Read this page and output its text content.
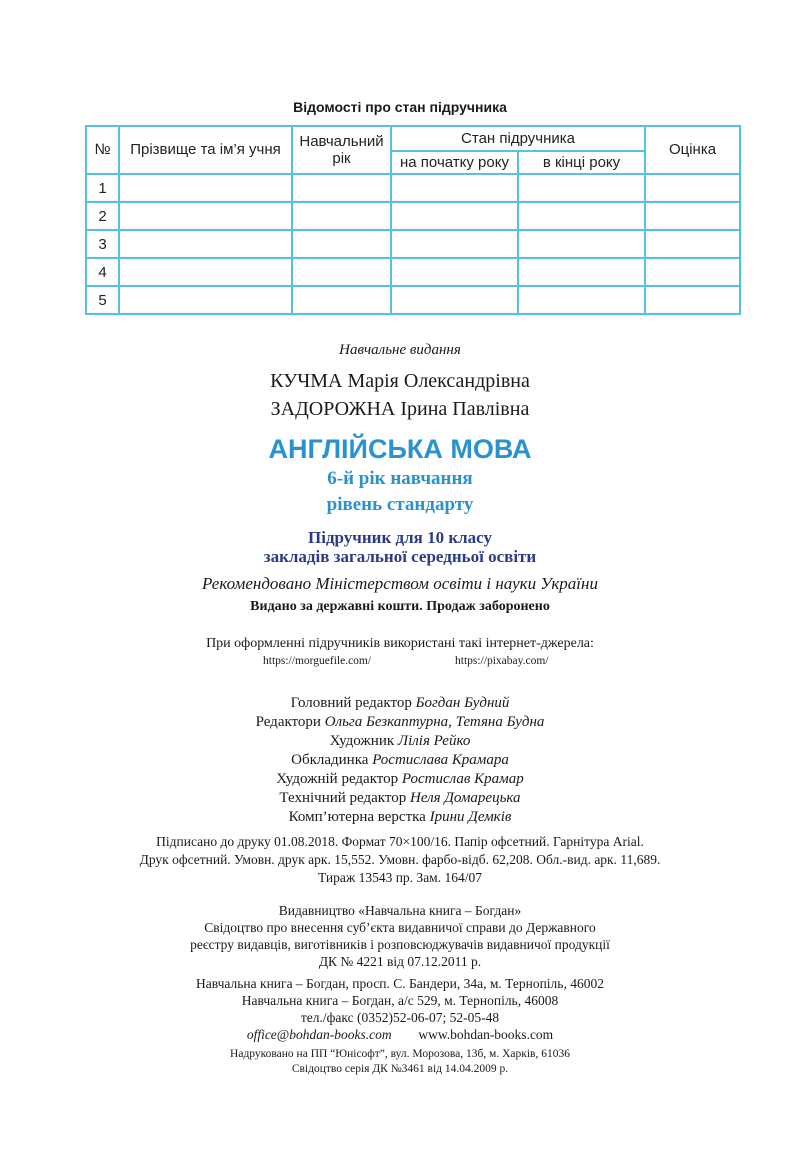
Відомості про стан підручника
№	Прізвище та ім’я учня	Навчальний рік	Стан підручника		Оцінка
			на початку року	в кінці року	
1					
2					
3					
4					
5					
Навчальне видання
КУЧМА Марія Олександрівна
ЗАДОРОЖНА Ірина Павлівна
АНГЛІЙСЬКА МОВА
6-й рік навчання
рівень стандарту
Підручник для 10 класу
закладів загальної середньої освіти
Рекомендовано Міністерством освіти і науки України
Видано за державні кошти. Продаж заборонено
При оформленні підручників використані такі інтернет-джерела:
https://morguefile.com/	https://pixabay.com/
Головний редактор Богдан Будний
Редактори Ольга Безкаптурна, Тетяна Будна
Художник Лілія Рейко
Обкладинка Ростислава Крамара
Художній редактор Ростислав Крамар
Технічний редактор Неля Домарецька
Комп’ютерна верстка Ірини Демків
Підписано до друку 01.08.2018. Формат 70×100/16. Папір офсетний. Гарнітура Arial.
Друк офсетний. Умовн. друк арк. 15,552. Умовн. фарбо-відб. 62,208. Обл.-вид. арк. 11,689.
Тираж 13543 пр. Зам. 164/07
Видавництво «Навчальна книга – Богдан»
Свідоцтво про внесення суб’єкта видавничої справи до Державного
реєстру видавців, виготівників і розповсюджувачів видавничої продукції
ДК № 4221 від 07.12.2011 р.
Навчальна книга – Богдан, просп. С. Бандери, 34а, м. Тернопіль, 46002
Навчальна книга – Богдан, а/с 529, м. Тернопіль, 46008
тел./факс (0352)52-06-07; 52-05-48
office@bohdan-books.com www.bohdan-books.com
Надруковано на ПП “Юнісофт”, вул. Морозова, 13б, м. Харків, 61036
Свідоцтво серія ДК №3461 від 14.04.2009 р.
